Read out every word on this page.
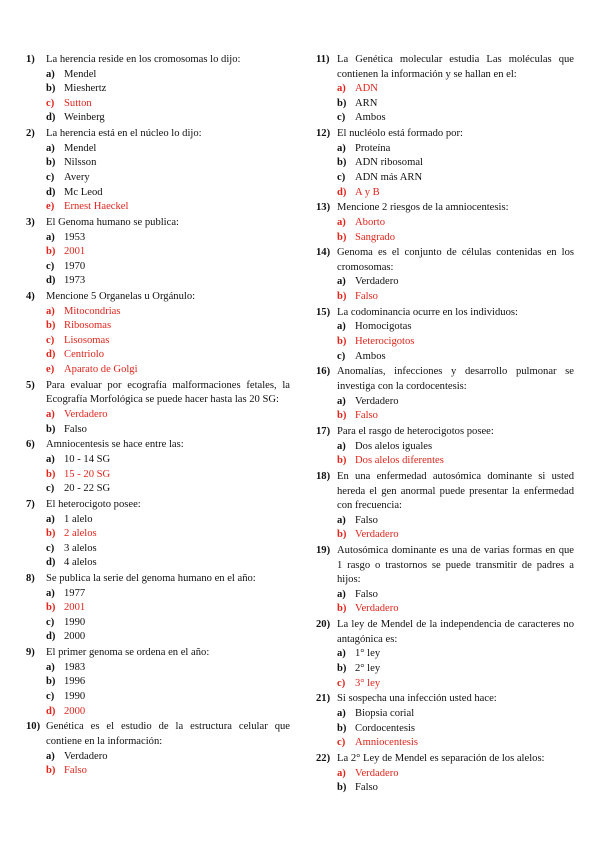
1)	La herencia reside en los cromosomas lo dijo:
a) Mendel
b) Mieshertz
c) Sutton
d) Weinberg
2)	La herencia está en el núcleo lo dijo:
a) Mendel
b) Nilsson
c) Avery
d) Mc Leod
e) Ernest Haeckel
3)	El Genoma humano se publica:
a) 1953
b) 2001
c) 1970
d) 1973
4)	Mencione 5 Organelas u Orgánulo:
a) Mitocondrias
b) Ribosomas
c) Lisosomas
d) Centriolo
e) Aparato de Golgi
5)	Para evaluar por ecografía malformaciones fetales, la Ecografía Morfológica se puede hacer hasta las 20 SG:
a) Verdadero
b) Falso
6)	Amniocentesis se hace entre las:
a) 10 - 14 SG
b) 15 - 20 SG
c) 20 - 22 SG
7)	El heterocigoto posee:
a) 1 alelo
b) 2 alelos
c) 3 alelos
d) 4 alelos
8)	Se publica la serie del genoma humano en el año:
a) 1977
b) 2001
c) 1990
d) 2000
9)	El primer genoma se ordena en el año:
a) 1983
b) 1996
c) 1990
d) 2000
10) Genética es el estudio de la estructura celular que contiene en la información:
a) Verdadero
b) Falso
11) La Genética molecular estudia Las moléculas que contienen la información y se hallan en el:
a) ADN
b) ARN
c) Ambos
12) El nucléolo está formado por:
a) Proteína
b) ADN ribosomal
c) ADN más ARN
d) A y B
13) Mencione 2 riesgos de la amniocentesis:
a) Aborto
b) Sangrado
14) Genoma es el conjunto de células contenidas en los cromosomas:
a) Verdadero
b) Falso
15) La codominancia ocurre en los individuos:
a) Homocigotas
b) Heterocigotos
c) Ambos
16) Anomalías, infecciones y desarrollo pulmonar se investiga con la cordocentesis:
a) Verdadero
b) Falso
17) Para el rasgo de heterocigotos posee:
a) Dos alelos iguales
b) Dos alelos diferentes
18) En una enfermedad autosómica dominante si usted hereda el gen anormal puede presentar la enfermedad con frecuencia:
a) Falso
b) Verdadero
19) Autosómica dominante es una de varias formas en que 1 rasgo o trastornos se puede transmitir de padres a hijos:
a) Falso
b) Verdadero
20) La ley de Mendel de la independencia de caracteres no antagónica es:
a) 1° ley
b) 2° ley
c) 3° ley
21) Si sospecha una infección usted hace:
a) Biopsia corial
b) Cordocentesis
c) Amniocentesis
22) La 2° Ley de Mendel es separación de los alelos:
a) Verdadero
b) Falso
